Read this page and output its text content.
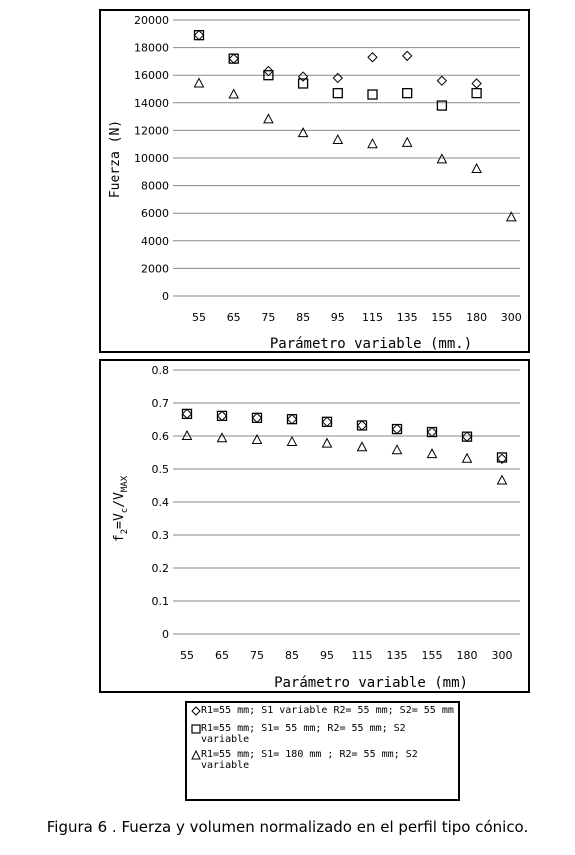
0
2000
4000
6000
8000
10000
12000
14000
16000
18000
20000
55 65 75 85 95 115 135 155 180 300
Parámetro variable (mm.)
Fuerza (N)
0
0.1
0.2
0.3
0.4
0.5
0.6
0.7
0.8
55 65 75 85 95 115 135 155 180 300
Parámetro variable (mm)
$f_2=V_c/V_{MAX}$
R1=55 mm; S1 variable R2= 55 mm; S2= 55 mm
R1=55 mm; S1= 55 mm; R2= 55 mm; S2 variable
R1=55 mm; S1= 180 mm ; R2= 55 mm; S2 variable
Figura 6 . Fuerza y volumen normalizado en el perfil tipo cónico.
